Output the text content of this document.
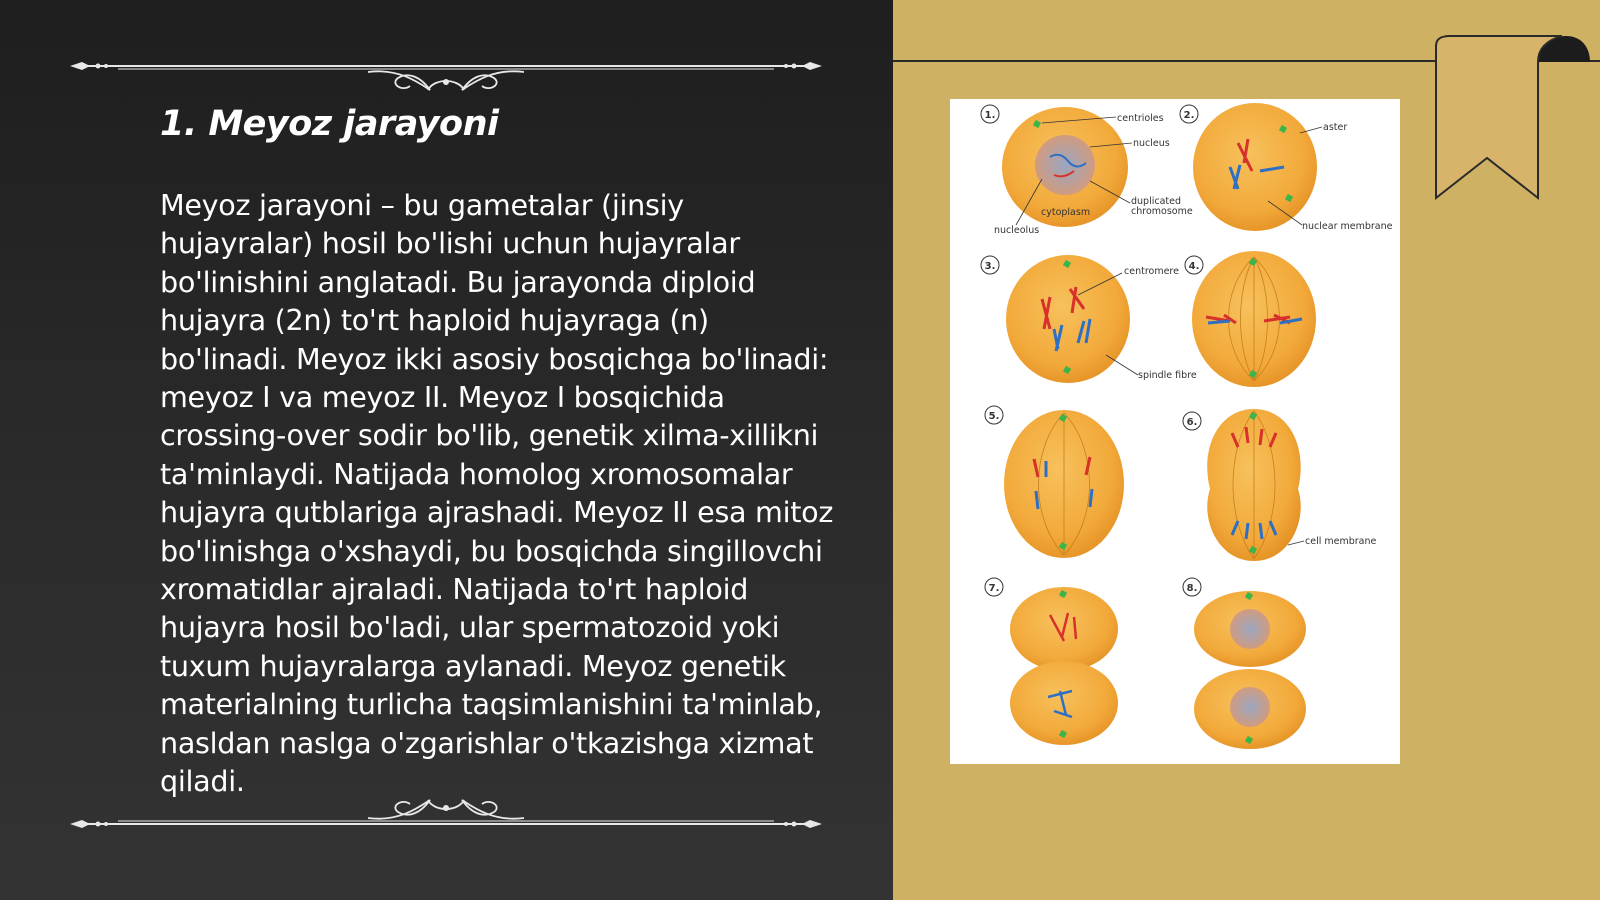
1. Meyoz jarayoni

Meyoz jarayoni – bu gametalar (jinsiy hujayralar) hosil bo'lishi uchun hujayralar bo'linishini anglatadi. Bu jarayonda diploid hujayra (2n) to'rt haploid hujayraga (n) bo'linadi. Meyoz ikki asosiy bosqichga bo'linadi: meyoz I va meyoz II. Meyoz I bosqichida crossing-over sodir bo'lib, genetik xilma-xillikni ta'minlaydi. Natijada homolog xromosomalar hujayra qutblariga ajrashadi. Meyoz II esa mitoz bo'linishga o'xshaydi, bu bosqichda singillovchi xromatidlar ajraladi. Natijada to'rt haploid hujayra hosil bo'ladi, ular spermatozoid yoki tuxum hujayralarga aylanadi. Meyoz genetik materialning turlicha taqsimlanishini ta'minlab, nasldan naslga o'zgarishlar o'tkazishga xizmat qiladi.

1.	centrioles
nucleus
duplicated
chromosome
cytoplasm
nucleolus
2.
aster
nuclear membrane
3.	centromere
spindle fibre
4.
5.
6.
cell membrane
7.	8.
